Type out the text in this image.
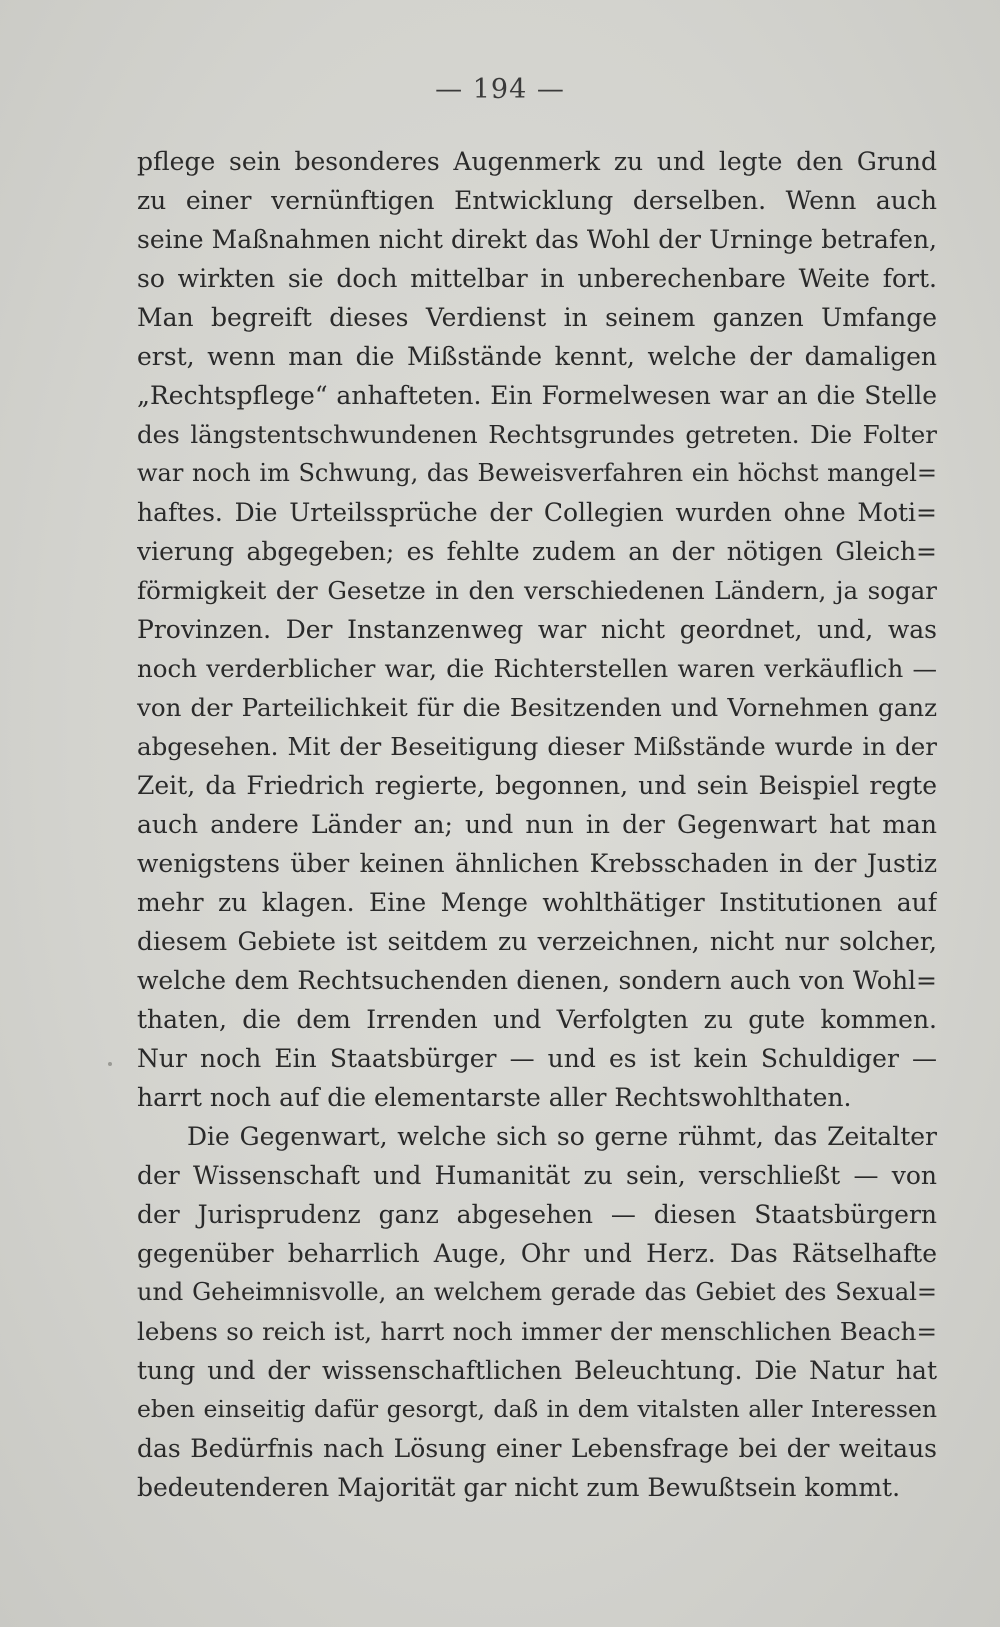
— 194 —
pflege sein besonderes Augenmerk zu und legte den Grund
zu einer vernünftigen Entwicklung derselben. Wenn auch
seine Maßnahmen nicht direkt das Wohl der Urninge betrafen,
so wirkten sie doch mittelbar in unberechenbare Weite fort.
Man begreift dieses Verdienst in seinem ganzen Umfange
erst, wenn man die Mißstände kennt, welche der damaligen
„Rechtspflege“ anhafteten. Ein Formelwesen war an die Stelle
des längstentschwundenen Rechtsgrundes getreten. Die Folter
war noch im Schwung, das Beweisverfahren ein höchst mangel=
haftes. Die Urteilssprüche der Collegien wurden ohne Moti=
vierung abgegeben; es fehlte zudem an der nötigen Gleich=
förmigkeit der Gesetze in den verschiedenen Ländern, ja sogar
Provinzen. Der Instanzenweg war nicht geordnet, und, was
noch verderblicher war, die Richterstellen waren verkäuflich —
von der Parteilichkeit für die Besitzenden und Vornehmen ganz
abgesehen. Mit der Beseitigung dieser Mißstände wurde in der
Zeit, da Friedrich regierte, begonnen, und sein Beispiel regte
auch andere Länder an; und nun in der Gegenwart hat man
wenigstens über keinen ähnlichen Krebsschaden in der Justiz
mehr zu klagen. Eine Menge wohlthätiger Institutionen auf
diesem Gebiete ist seitdem zu verzeichnen, nicht nur solcher,
welche dem Rechtsuchenden dienen, sondern auch von Wohl=
thaten, die dem Irrenden und Verfolgten zu gute kommen.
Nur noch Ein Staatsbürger — und es ist kein Schuldiger —
harrt noch auf die elementarste aller Rechtswohlthaten.
Die Gegenwart, welche sich so gerne rühmt, das Zeitalter
der Wissenschaft und Humanität zu sein, verschließt — von
der Jurisprudenz ganz abgesehen — diesen Staatsbürgern
gegenüber beharrlich Auge, Ohr und Herz. Das Rätselhafte
und Geheimnisvolle, an welchem gerade das Gebiet des Sexual=
lebens so reich ist, harrt noch immer der menschlichen Beach=
tung und der wissenschaftlichen Beleuchtung. Die Natur hat
eben einseitig dafür gesorgt, daß in dem vitalsten aller Interessen
das Bedürfnis nach Lösung einer Lebensfrage bei der weitaus
bedeutenderen Majorität gar nicht zum Bewußtsein kommt.
